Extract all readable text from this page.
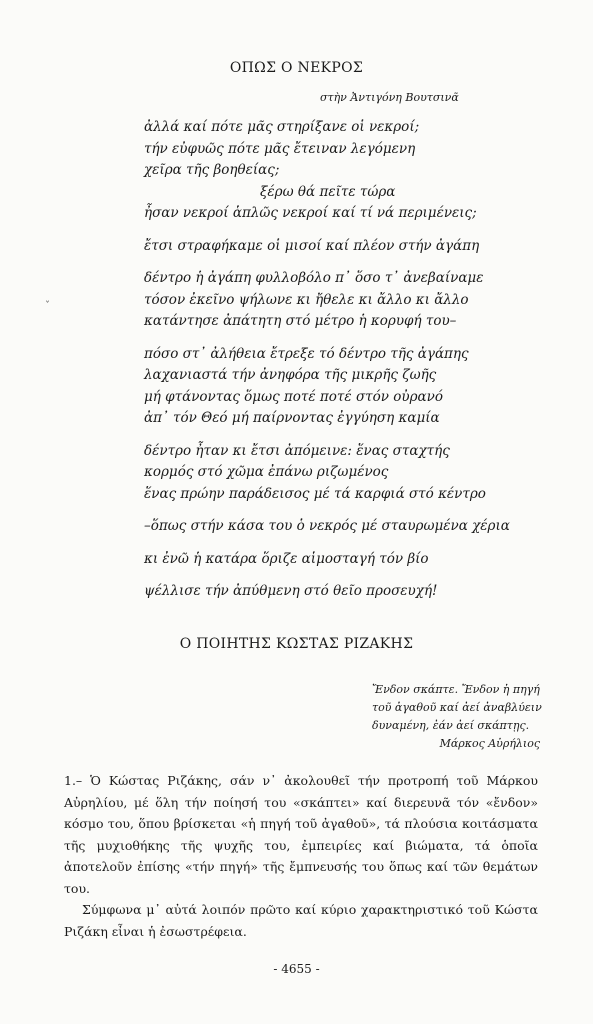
ΟΠΩΣ Ο ΝΕΚΡΟΣ
στὴν Ἀντιγόνη Βουτσινᾶ
ἀλλά καί πότε μᾶς στηρίξανε οἱ νεκροί;
τήν εὐφυῶς πότε μᾶς ἔτειναν λεγόμενη
χεῖρα τῆς βοηθείας;
ξέρω θά πεῖτε τώρα
ἦσαν νεκροί ἁπλῶς νεκροί καί τί νά περιμένεις;
ἔτσι στραφήκαμε οἱ μισοί καί πλέον στήν ἀγάπη
δέντρο ἡ ἀγάπη φυλλοβόλο π᾽ ὅσο τ᾽ ἀνεβαίναμε
τόσον ἐκεῖνο ψήλωνε κι ἤθελε κι ἄλλο κι ἄλλο
κατάντησε ἀπάτητη στό μέτρο ἡ κορυφή του–
πόσο στ᾽ ἀλήθεια ἔτρεξε τό δέντρο τῆς ἀγάπης
λαχανιαστά τήν ἀνηφόρα τῆς μικρῆς ζωῆς
μή φτάνοντας ὅμως ποτέ ποτέ στόν οὐρανό
ἀπ᾽ τόν Θεό μή παίρνοντας ἐγγύηση καμία
δέντρο ἦταν κι ἔτσι ἀπόμεινε: ἕνας σταχτής
κορμός στό χῶμα ἐπάνω ριζωμένος
ἕνας πρώην παράδεισος μέ τά καρφιά στό κέντρο
–ὅπως στήν κάσα του ὁ νεκρός μέ σταυρωμένα χέρια
κι ἐνῶ ἡ κατάρα ὅριζε αἱμοσταγή τόν βίο
ψέλλισε τήν ἀπύθμενη στό θεῖο προσευχή!
ˇ
Ο ΠΟΙΗΤΗΣ ΚΩΣΤΑΣ ΡΙΖΑΚΗΣ
Ἔνδον σκάπτε. Ἔνδον ἡ πηγή
τοῦ ἀγαθοῦ καί ἀεί ἀναβλύειν
δυναμένη, ἐάν ἀεί σκάπτῃς.
Μάρκος Αὐρήλιος

1.– Ὁ Κώστας Ριζάκης, σάν ν᾽ ἀκολουθεῖ τήν προτροπή τοῦ Μάρκου Αὐρηλίου, μέ ὅλη τήν ποίησή του «σκάπτει» καί διερευνᾶ τόν «ἔνδον» κόσμο του, ὅπου βρίσκεται «ἡ πηγή τοῦ ἀγαθοῦ», τά πλούσια κοιτάσματα τῆς μυχιοθήκης τῆς ψυχῆς του, ἐμπειρίες καί βιώματα, τά ὁποῖα ἀποτελοῦν ἐπίσης «τήν πηγή» τῆς ἔμπνευσής του ὅπως καί τῶν θεμάτων του.

Σύμφωνα μ᾽ αὐτά λοιπόν πρῶτο καί κύριο χαρακτηριστικό τοῦ Κώστα Ριζάκη εἶναι ἡ ἐσωστρέφεια.

- 4655 -
